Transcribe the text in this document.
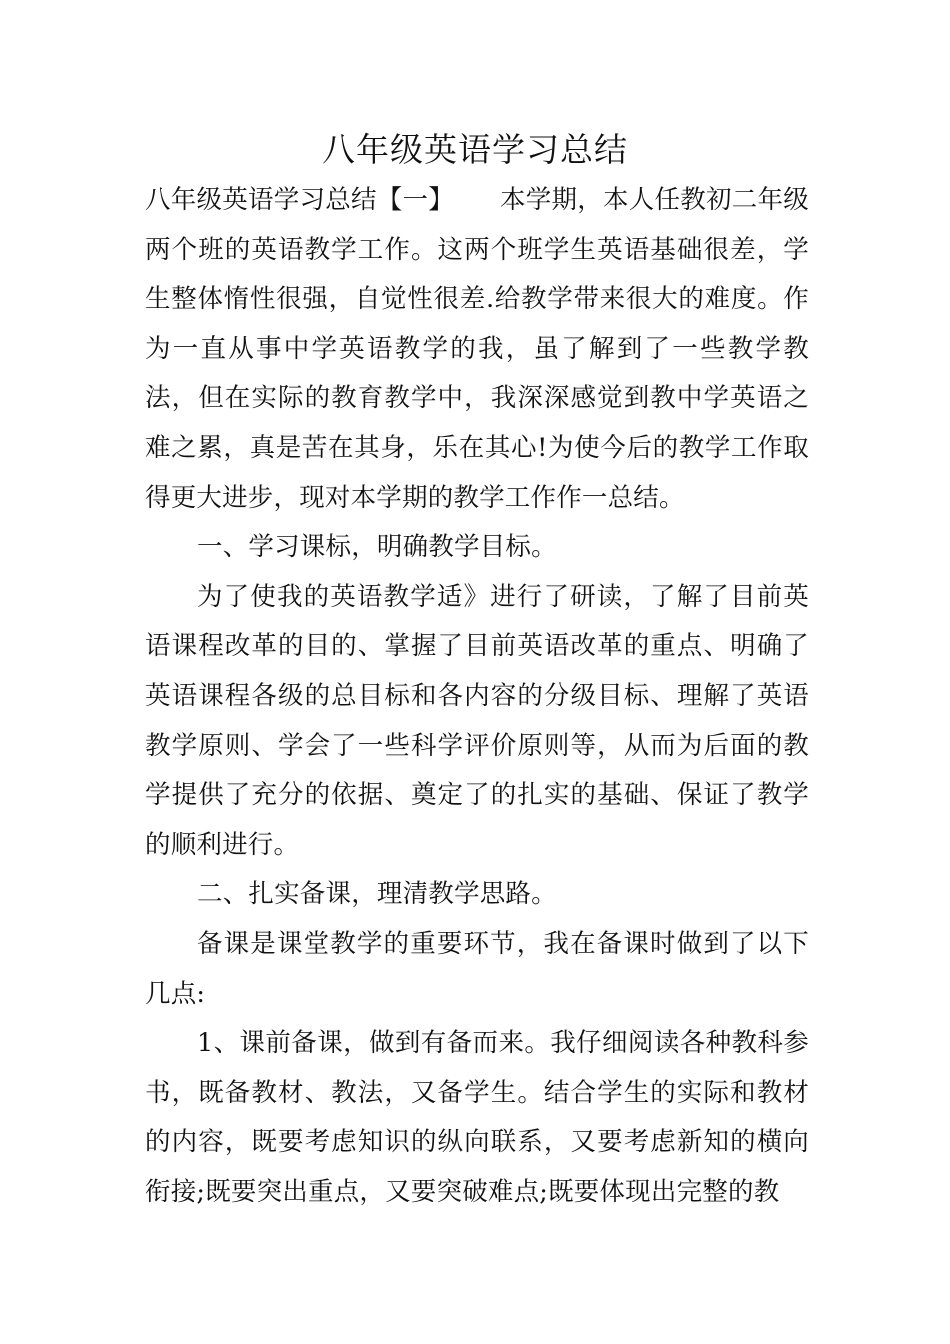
八年级英语学习总结

八年级英语学习总结【一】 本学期，本人任教初二年级两个班的英语教学工作。这两个班学生英语基础很差，学生整体惰性很强，自觉性很差.给教学带来很大的难度。作为一直从事中学英语教学的我，虽了解到了一些教学教法，但在实际的教育教学中，我深深感觉到教中学英语之难之累，真是苦在其身，乐在其心!为使今后的教学工作取得更大进步，现对本学期的教学工作作一总结。

一、学习课标，明确教学目标。

为了使我的英语教学适》进行了研读，了解了目前英语课程改革的目的、掌握了目前英语改革的重点、明确了英语课程各级的总目标和各内容的分级目标、理解了英语教学原则、学会了一些科学评价原则等，从而为后面的教学提供了充分的依据、奠定了的扎实的基础、保证了教学的顺利进行。

二、扎实备课，理清教学思路。

备课是课堂教学的重要环节，我在备课时做到了以下几点:

1、课前备课，做到有备而来。我仔细阅读各种教科参书，既备教材、教法，又备学生。结合学生的实际和教材的内容，既要考虑知识的纵向联系，又要考虑新知的横向衔接;既要突出重点，又要突破难点;既要体现出完整的教
